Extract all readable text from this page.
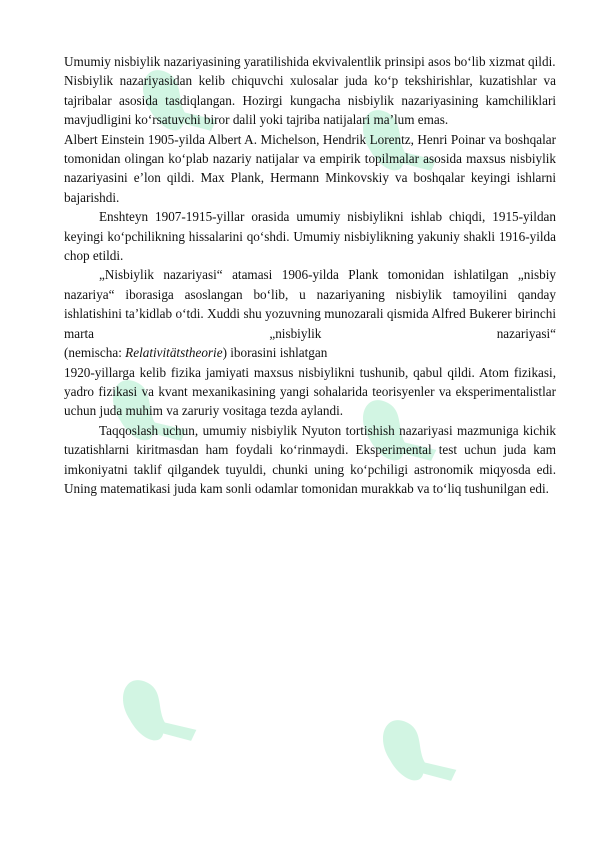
Umumiy nisbiylik nazariyasining yaratilishida ekvivalentlik prinsipi asos bo‘lib xizmat qildi.

Nisbiylik nazariyasidan kelib chiquvchi xulosalar juda ko‘p tekshirishlar, kuzatishlar va tajribalar asosida tasdiqlangan. Hozirgi kungacha nisbiylik nazariyasining kamchiliklari mavjudligini ko‘rsatuvchi biror dalil yoki tajriba natijalari ma’lum emas.

Albert Einstein 1905-yilda Albert A. Michelson, Hendrik Lorentz, Henri Poinar va boshqalar tomonidan olingan ko‘plab nazariy natijalar va empirik topilmalar asosida maxsus nisbiylik nazariyasini e’lon qildi. Max Plank, Hermann Minkovskiy va boshqalar keyingi ishlarni bajarishdi.

Enshteyn 1907-1915-yillar orasida umumiy nisbiylikni ishlab chiqdi, 1915-yildan keyingi ko‘pchilikning hissalarini qo‘shdi. Umumiy nisbiylikning yakuniy shakli 1916-yilda chop etildi.

„Nisbiylik nazariyasi“ atamasi 1906-yilda Plank tomonidan ishlatilgan „nisbiy nazariya“ iborasiga asoslangan bo‘lib, u nazariyaning nisbiylik tamoyilini qanday ishlatishini ta’kidlab o‘tdi. Xuddi shu yozuvning munozarali qismida Alfred Bukerer birinchi marta „nisbiylik nazariyasi“

(nemischa: Relativitätstheorie) iborasini ishlatgan

1920-yillarga kelib fizika jamiyati maxsus nisbiylikni tushunib, qabul qildi. Atom fizikasi, yadro fizikasi va kvant mexanikasining yangi sohalarida teorisyenler va eksperimentalistlar uchun juda muhim va zaruriy vositaga tezda aylandi.

Taqqoslash uchun, umumiy nisbiylik Nyuton tortishish nazariyasi mazmuniga kichik tuzatishlarni kiritmasdan ham foydali ko‘rinmaydi. Eksperimental test uchun juda kam imkoniyatni taklif qilgandek tuyuldi, chunki uning ko‘pchiligi astronomik miqyosda edi. Uning matematikasi juda kam sonli odamlar tomonidan murakkab va to‘liq tushunilgan edi.
